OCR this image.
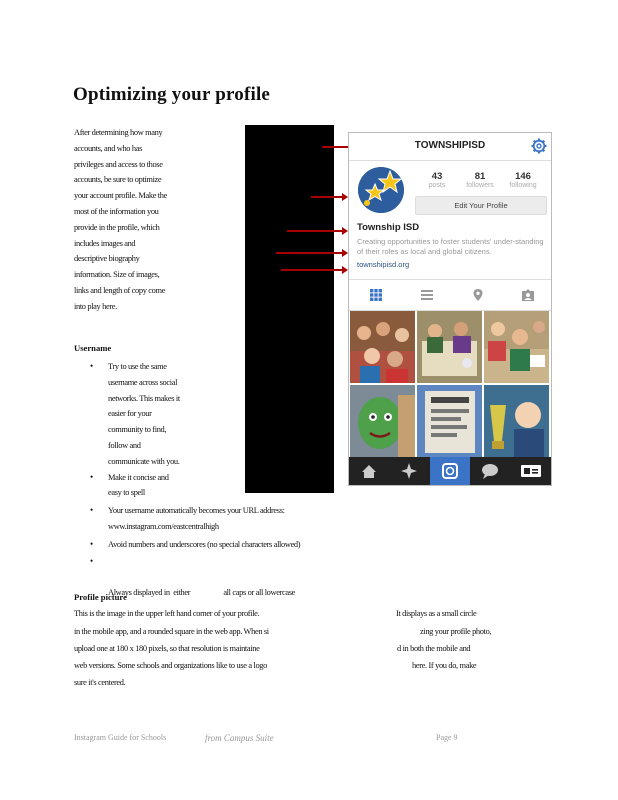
Optimizing your profile
After determining how many
accounts, and who has
privileges and access to those
accounts, be sure to optimize
your account profile. Make the
most of the information you
provide in the profile, which
includes images and
descriptive biography
information. Size of images,
links and length of copy come
into play here.
Username
• Try to use the same
username across social
networks. This makes it
easier for your
community to find,
follow and
communicate with you.
• Make it concise and
easy to spell
• Your username automatically becomes your URL address:
www.instagram.com/eastcentralhigh
• Avoid numbers and underscores (no special characters allowed)

• Always displayed in  either                   all caps or all lowercase

Profile picture
This is the image in the upper left hand corner of your profile.
in the mobile app, and a rounded square in the web app. When si
upload one at 180 x 180 pixels, so that resolution is maintaine
web versions. Some schools and organizations like to use a logo
sure it's centered.
It displays as a small circle
zing your profile photo,
d in both the mobile and
here. If you do, make
Instagram Guide for Schools	from Campus Suite	Page 9
TOWNSHIPISD
43
posts
81
followers
146
following
Edit Your Profile
Township ISD
Creating opportunities to foster students' under-standing of their roles as local and global citizens.
townshipisd.org
